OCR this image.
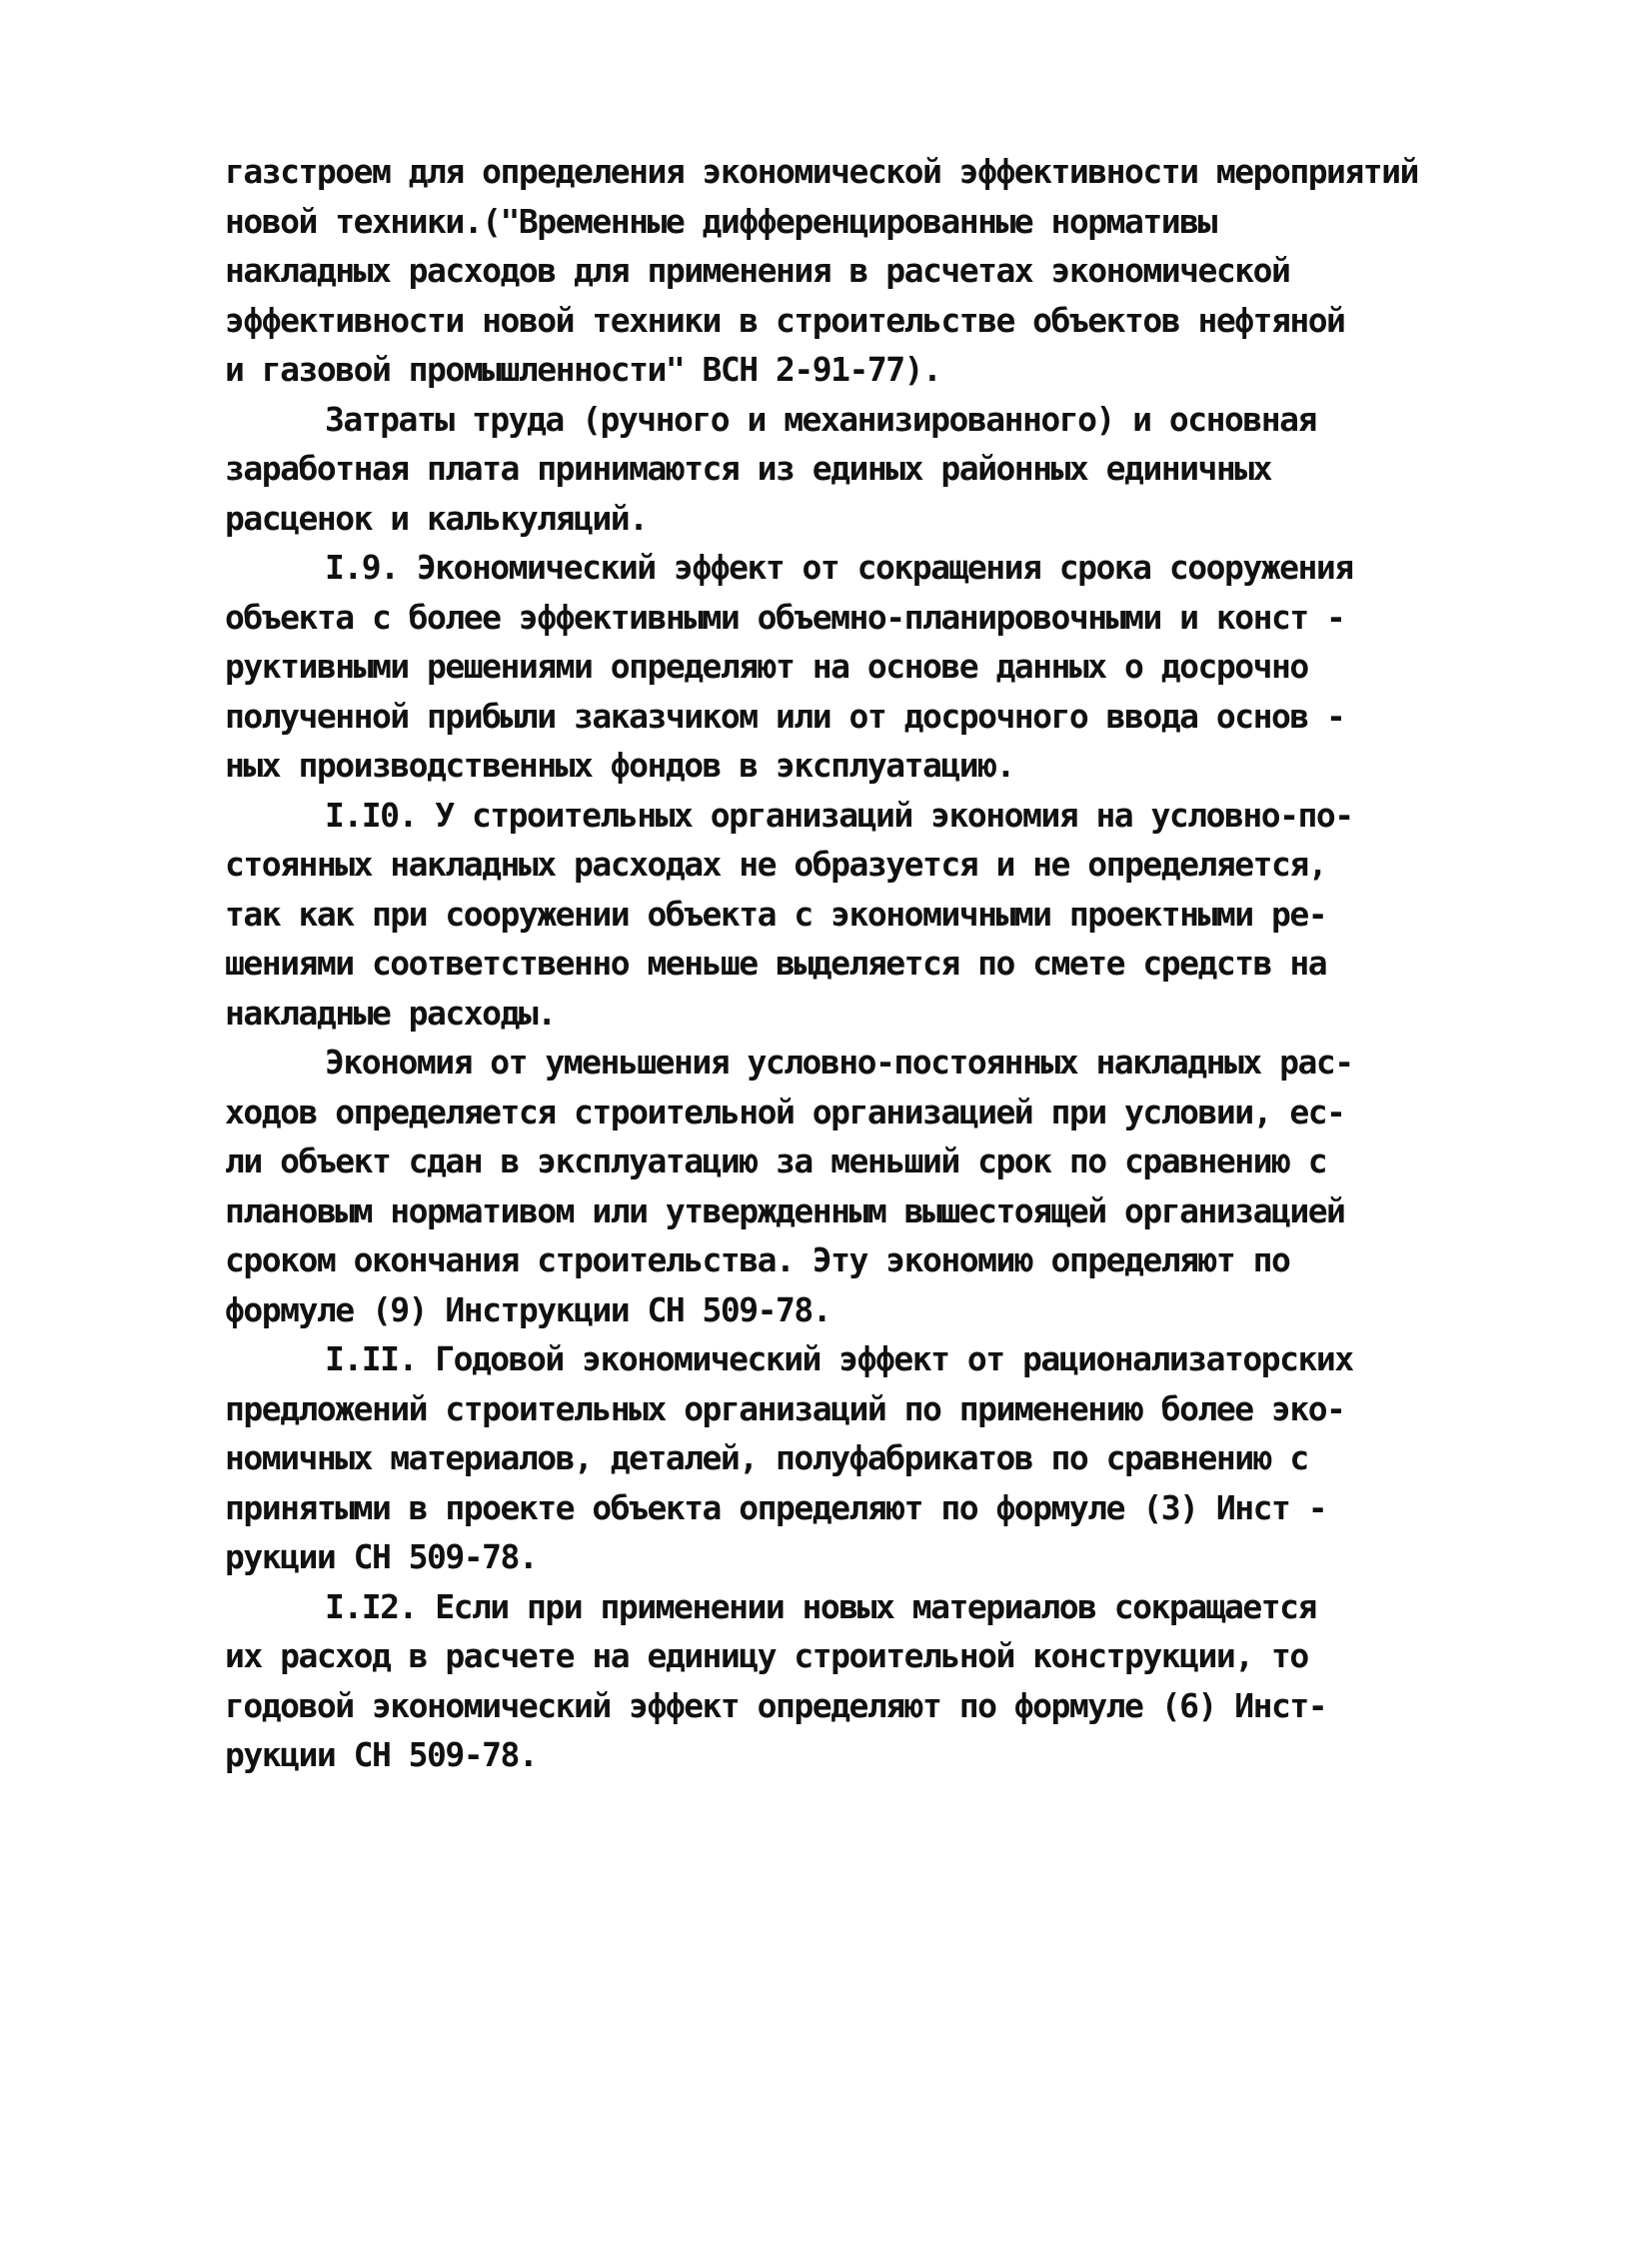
газстроем для определения экономической эффективности мероприятий
новой техники.("Временные дифференцированные нормативы
накладных расходов для применения в расчетах экономической
эффективности новой техники в строительстве объектов нефтяной
и газовой промышленности" ВСН 2-91-77).
Затраты труда (ручного и механизированного) и основная
заработная плата принимаются из единых районных единичных
расценок и калькуляций.
I.9. Экономический эффект от сокращения срока сооружения
объекта с более эффективными объемно-планировочными и конст -
руктивными решениями определяют на основе данных о досрочно
полученной прибыли заказчиком или от досрочного ввода основ -
ных производственных фондов в эксплуатацию.
I.I0. У строительных организаций экономия на условно-по-
стоянных накладных расходах не образуется и не определяется,
так как при сооружении объекта с экономичными проектными ре-
шениями соответственно меньше выделяется по смете средств на
накладные расходы.
Экономия от уменьшения условно-постоянных накладных рас-
ходов определяется строительной организацией при условии, ес-
ли объект сдан в эксплуатацию за меньший срок по сравнению с
плановым нормативом или утвержденным вышестоящей организацией
сроком окончания строительства. Эту экономию определяют по
формуле (9) Инструкции СН 509-78.
I.II. Годовой экономический эффект от рационализаторских
предложений строительных организаций по применению более эко-
номичных материалов, деталей, полуфабрикатов по сравнению с
принятыми в проекте объекта определяют по формуле (3) Инст -
рукции СН 509-78.
I.I2. Если при применении новых материалов сокращается
их расход в расчете на единицу строительной конструкции, то
годовой экономический эффект определяют по формуле (6) Инст-
рукции СН 509-78.
